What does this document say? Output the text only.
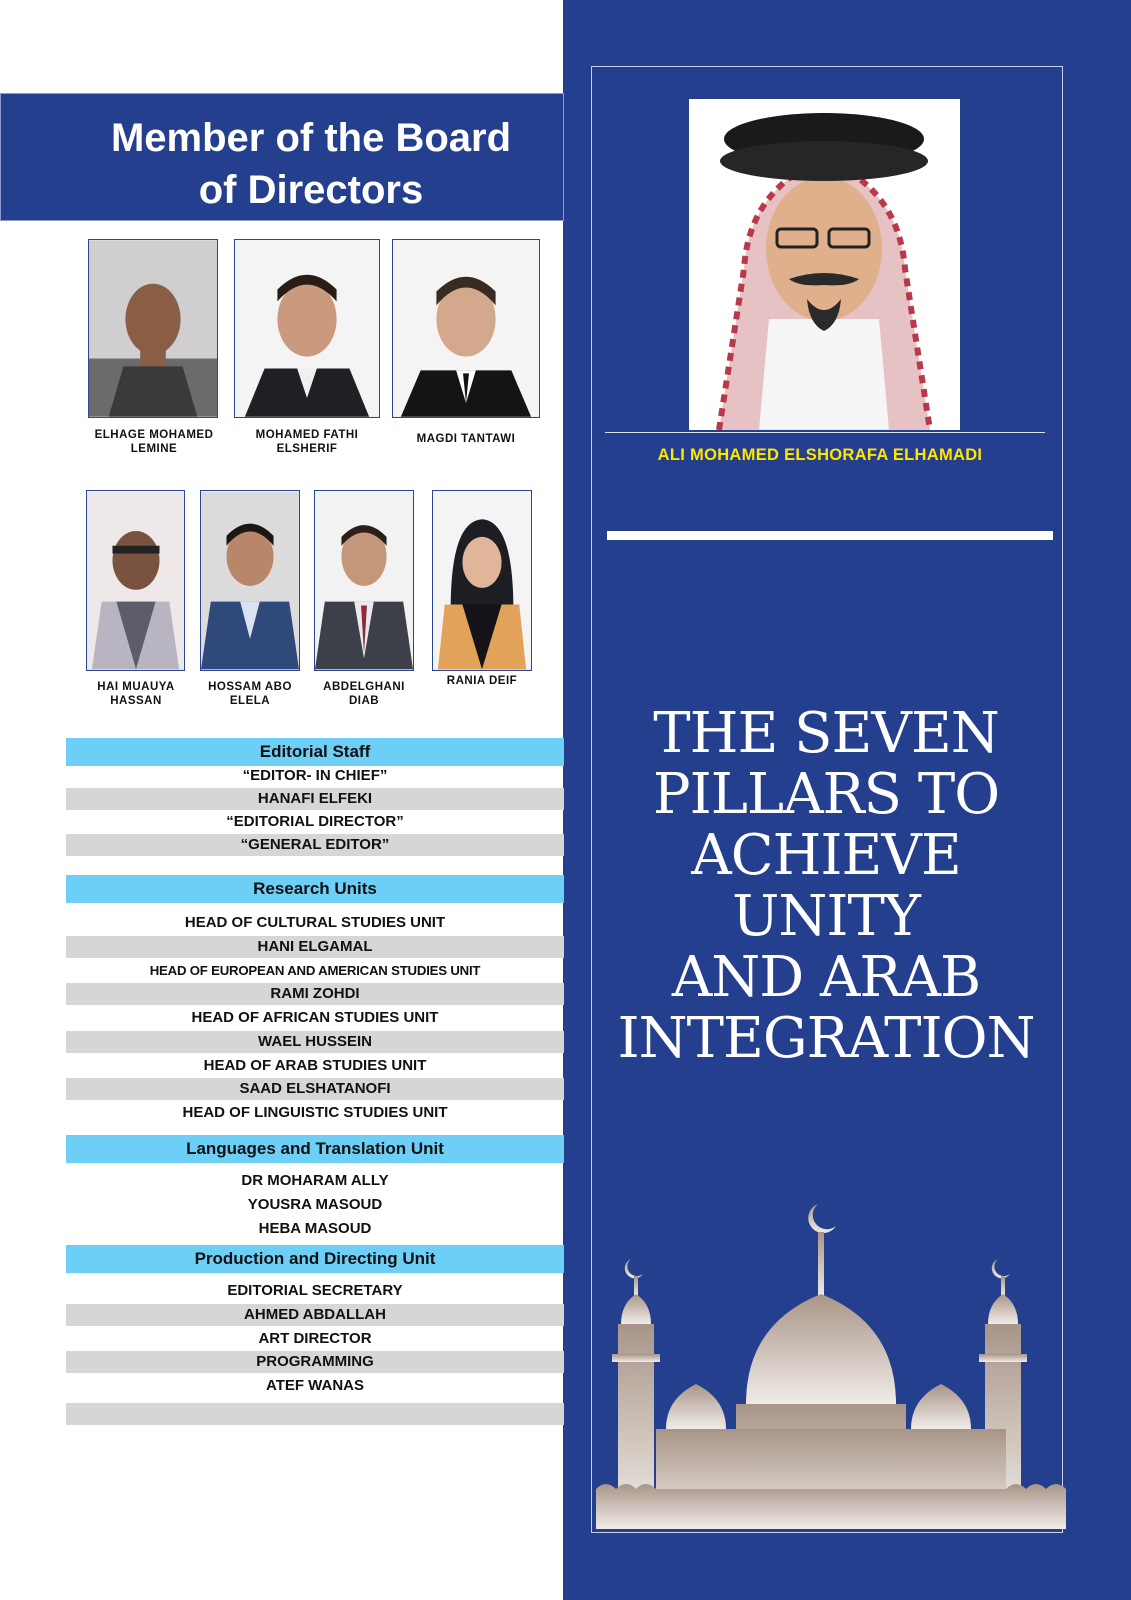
Member of the Board
of Directors
ELHAGE MOHAMED
LEMINE
MOHAMED FATHI
ELSHERIF
MAGDI TANTAWI
HAI MUAUYA
HASSAN
HOSSAM ABO
ELELA
ABDELGHANI
DIAB
RANIA DEIF
Editorial Staff
“EDITOR- IN CHIEF”
HANAFI ELFEKI
“EDITORIAL DIRECTOR”
“GENERAL EDITOR”
Research Units
HEAD OF CULTURAL STUDIES UNIT
HANI ELGAMAL
HEAD OF EUROPEAN AND AMERICAN STUDIES UNIT
RAMI ZOHDI
HEAD OF AFRICAN STUDIES UNIT
WAEL HUSSEIN
HEAD OF ARAB STUDIES UNIT
SAAD ELSHATANOFI
HEAD OF LINGUISTIC STUDIES UNIT
Languages and Translation Unit
DR MOHARAM ALLY
YOUSRA MASOUD
HEBA MASOUD
Production and Directing Unit
EDITORIAL SECRETARY
AHMED ABDALLAH
ART DIRECTOR
PROGRAMMING
ATEF WANAS
ALI MOHAMED ELSHORAFA ELHAMADI
THE SEVEN
PILLARS TO
ACHIEVE
UNITY
AND ARAB
INTEGRATION
